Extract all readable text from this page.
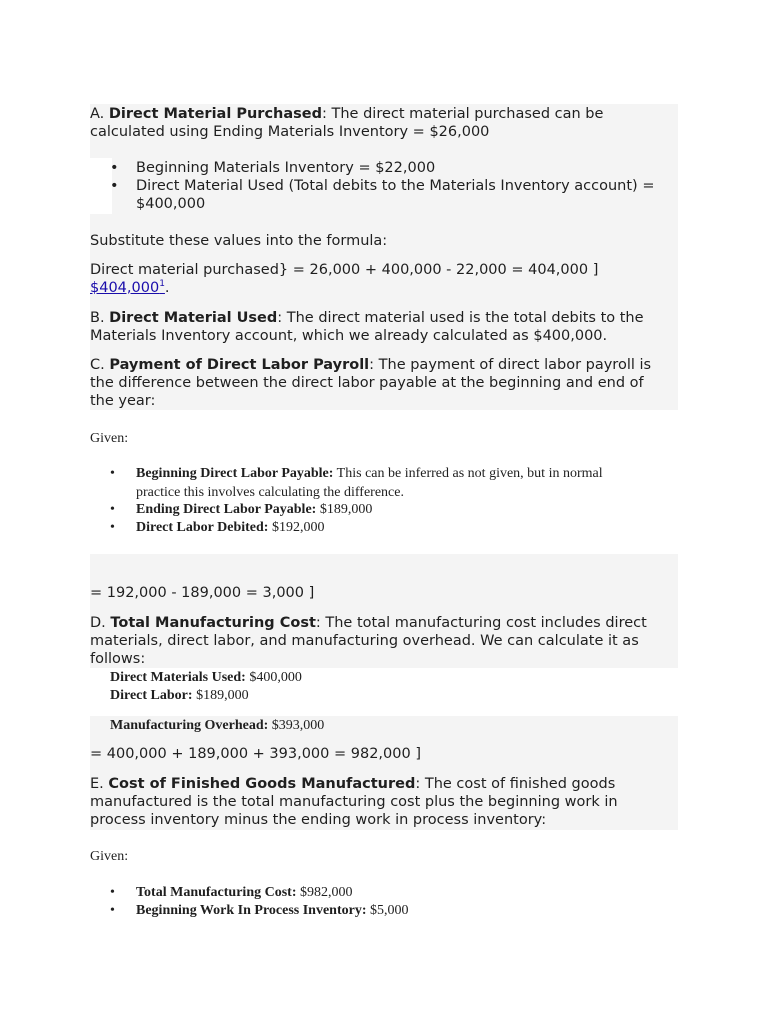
A. Direct Material Purchased: The direct material purchased can be
calculated using Ending Materials Inventory = $26,000
•	Beginning Materials Inventory = $22,000
•	Direct Material Used (Total debits to the Materials Inventory account) =
$400,000
Substitute these values into the formula:
Direct material purchased} = 26,000 + 400,000 - 22,000 = 404,000 ]
$404,000$^1$.
B. Direct Material Used: The direct material used is the total debits to the
Materials Inventory account, which we already calculated as $400,000.
C. Payment of Direct Labor Payroll: The payment of direct labor payroll is
the difference between the direct labor payable at the beginning and end of
the year:
Given:
•	Beginning Direct Labor Payable: This can be inferred as not given, but in normal
practice this involves calculating the difference.
•	Ending Direct Labor Payable: $189,000
•	Direct Labor Debited: $192,000
= 192,000 - 189,000 = 3,000 ]
D. Total Manufacturing Cost: The total manufacturing cost includes direct
materials, direct labor, and manufacturing overhead. We can calculate it as
follows:
Direct Materials Used: $400,000
Direct Labor: $189,000
Manufacturing Overhead: $393,000
= 400,000 + 189,000 + 393,000 = 982,000 ]
E. Cost of Finished Goods Manufactured: The cost of finished goods
manufactured is the total manufacturing cost plus the beginning work in
process inventory minus the ending work in process inventory:
Given:
•	Total Manufacturing Cost: $982,000
•	Beginning Work In Process Inventory: $5,000
